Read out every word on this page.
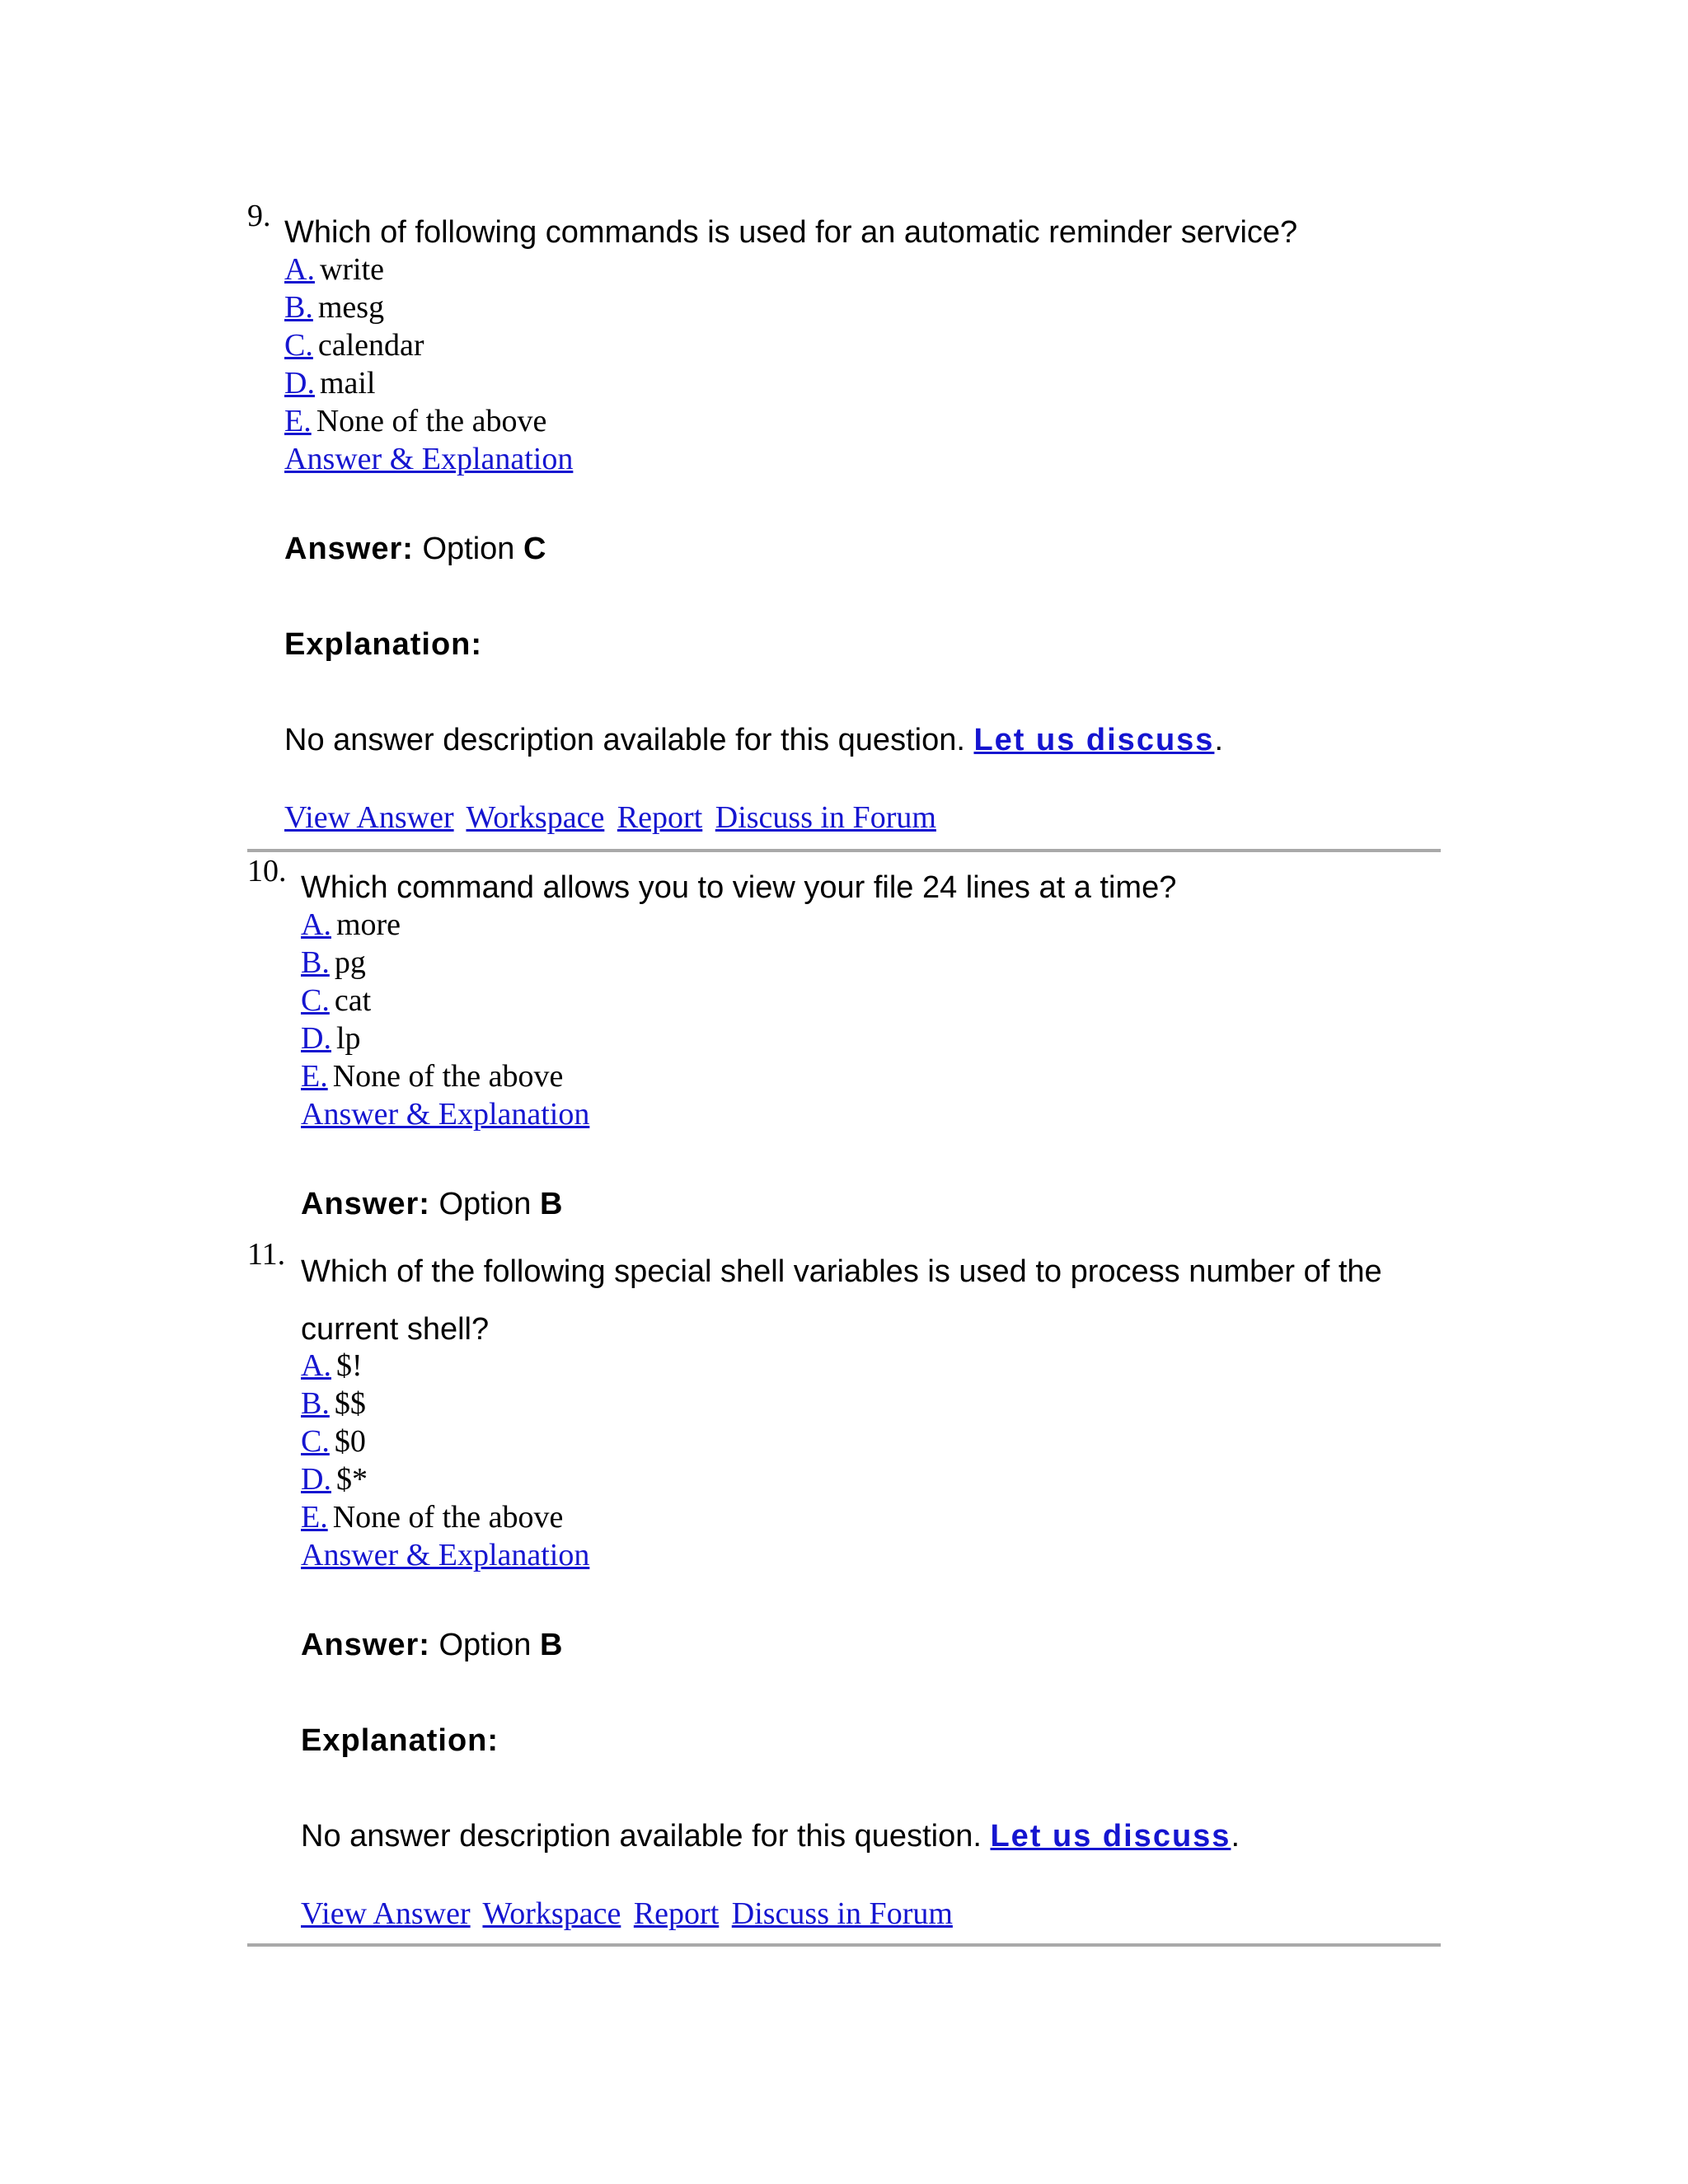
9. Which of following commands is used for an automatic reminder service?
A. write
B. mesg
C. calendar
D. mail
E. None of the above
Answer & Explanation
Answer: Option C
Explanation:
No answer description available for this question. Let us discuss.
View Answer Workspace Report Discuss in Forum
10. Which command allows you to view your file 24 lines at a time?
A. more
B. pg
C. cat
D. lp
E. None of the above
Answer & Explanation
Answer: Option B
11. Which of the following special shell variables is used to process number of the current shell?
A. $!
B. $$
C. $0
D. $*
E. None of the above
Answer & Explanation
Answer: Option B
Explanation:
No answer description available for this question. Let us discuss.
View Answer Workspace Report Discuss in Forum
